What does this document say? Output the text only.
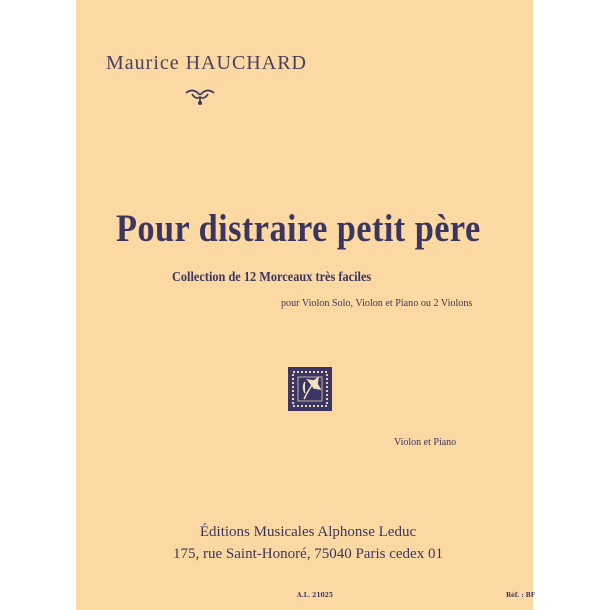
Maurice HAUCHARD
Pour distraire petit père
Collection de 12 Morceaux très faciles
pour Violon Solo, Violon et Piano ou 2 Violons
Violon et Piano
Éditions Musicales Alphonse Leduc
175, rue Saint-Honoré, 75040 Paris cedex 01
A.L. 21025	Réf. : BF
